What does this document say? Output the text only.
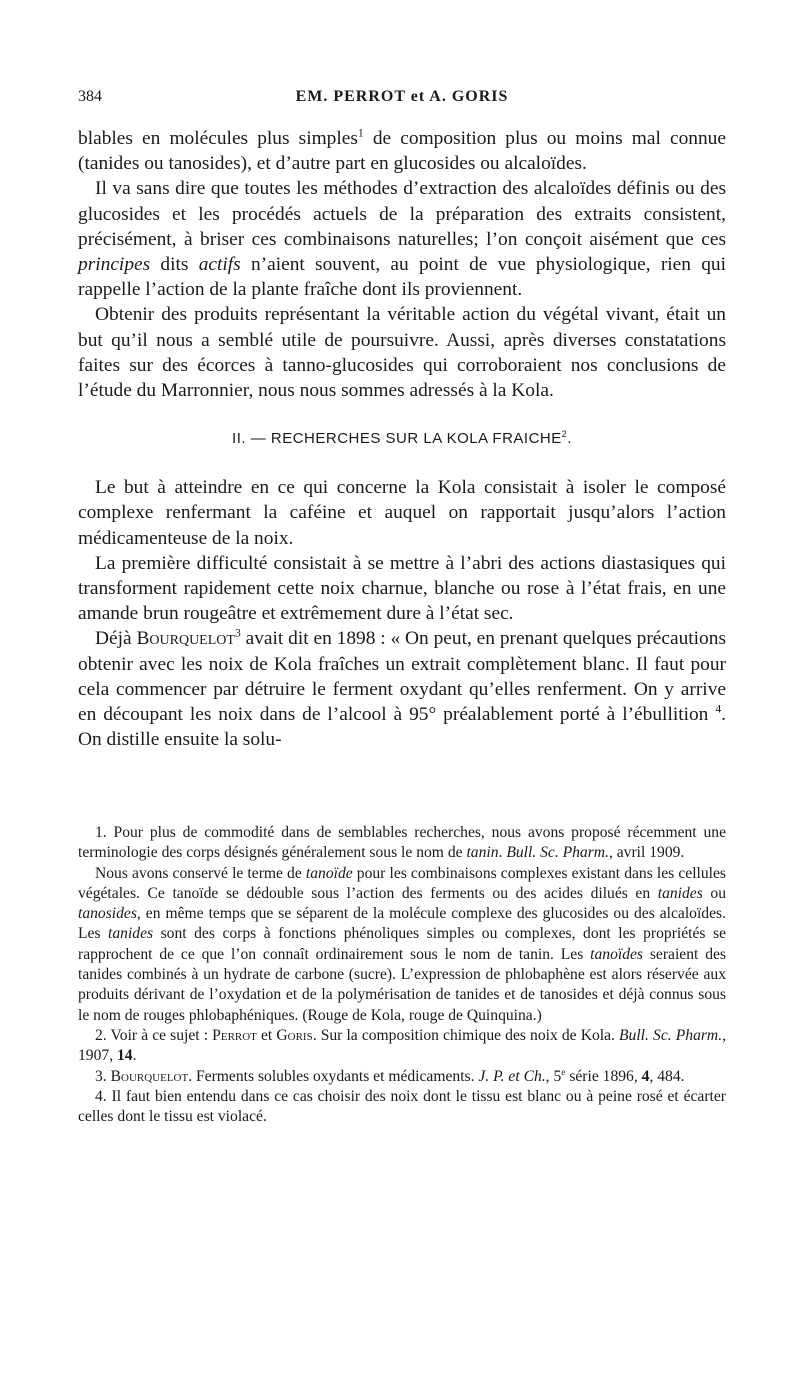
384	EM. PERROT et A. GORIS

blables en molécules plus simples$^1$ de composition plus ou moins mal connue (tanides ou tanosides), et d’autre part en glucosides ou alcaloïdes.

Il va sans dire que toutes les méthodes d’extraction des alcaloïdes définis ou des glucosides et les procédés actuels de la préparation des extraits consistent, précisément, à briser ces combinaisons naturelles; l’on conçoit aisément que ces principes dits actifs n’aient souvent, au point de vue physiologique, rien qui rappelle l’action de la plante fraîche dont ils proviennent.

Obtenir des produits représentant la véritable action du végétal vivant, était un but qu’il nous a semblé utile de poursuivre. Aussi, après diverses constatations faites sur des écorces à tanno-glucosides qui corroboraient nos conclusions de l’étude du Marronnier, nous nous sommes adressés à la Kola.

II. — RECHERCHES SUR LA KOLA FRAICHE$^2$.

Le but à atteindre en ce qui concerne la Kola consistait à isoler le composé complexe renfermant la caféine et auquel on rapportait jusqu’alors l’action médicamenteuse de la noix.

La première difficulté consistait à se mettre à l’abri des actions diastasiques qui transforment rapidement cette noix charnue, blanche ou rose à l’état frais, en une amande brun rougeâtre et extrêmement dure à l’état sec.

Déjà Bourquelot$^3$ avait dit en 1898 : « On peut, en prenant quelques précautions obtenir avec les noix de Kola fraîches un extrait complètement blanc. Il faut pour cela commencer par détruire le ferment oxydant qu’elles renferment. On y arrive en découpant les noix dans de l’alcool à 95° préalablement porté à l’ébullition $^4$. On distille ensuite la solu-

1. Pour plus de commodité dans de semblables recherches, nous avons proposé récemment une terminologie des corps désignés généralement sous le nom de tanin. Bull. Sc. Pharm., avril 1909.

Nous avons conservé le terme de tanoïde pour les combinaisons complexes existant dans les cellules végétales. Ce tanoïde se dédouble sous l’action des ferments ou des acides dilués en tanides ou tanosides, en même temps que se séparent de la molécule complexe des glucosides ou des alcaloïdes. Les tanides sont des corps à fonctions phénoliques simples ou complexes, dont les propriétés se rapprochent de ce que l’on connaît ordinairement sous le nom de tanin. Les tanoïdes seraient des tanides combinés à un hydrate de carbone (sucre). L’expression de phlobaphène est alors réservée aux produits dérivant de l’oxydation et de la polymérisation de tanides et de tanosides et déjà connus sous le nom de rouges phlobaphéniques. (Rouge de Kola, rouge de Quinquina.)

2. Voir à ce sujet : Perrot et Goris. Sur la composition chimique des noix de Kola. Bull. Sc. Pharm., 1907, 14.

3. Bourquelot. Ferments solubles oxydants et médicaments. J. P. et Ch., 5e série 1896, 4, 484.

4. Il faut bien entendu dans ce cas choisir des noix dont le tissu est blanc ou à peine rosé et écarter celles dont le tissu est violacé.
